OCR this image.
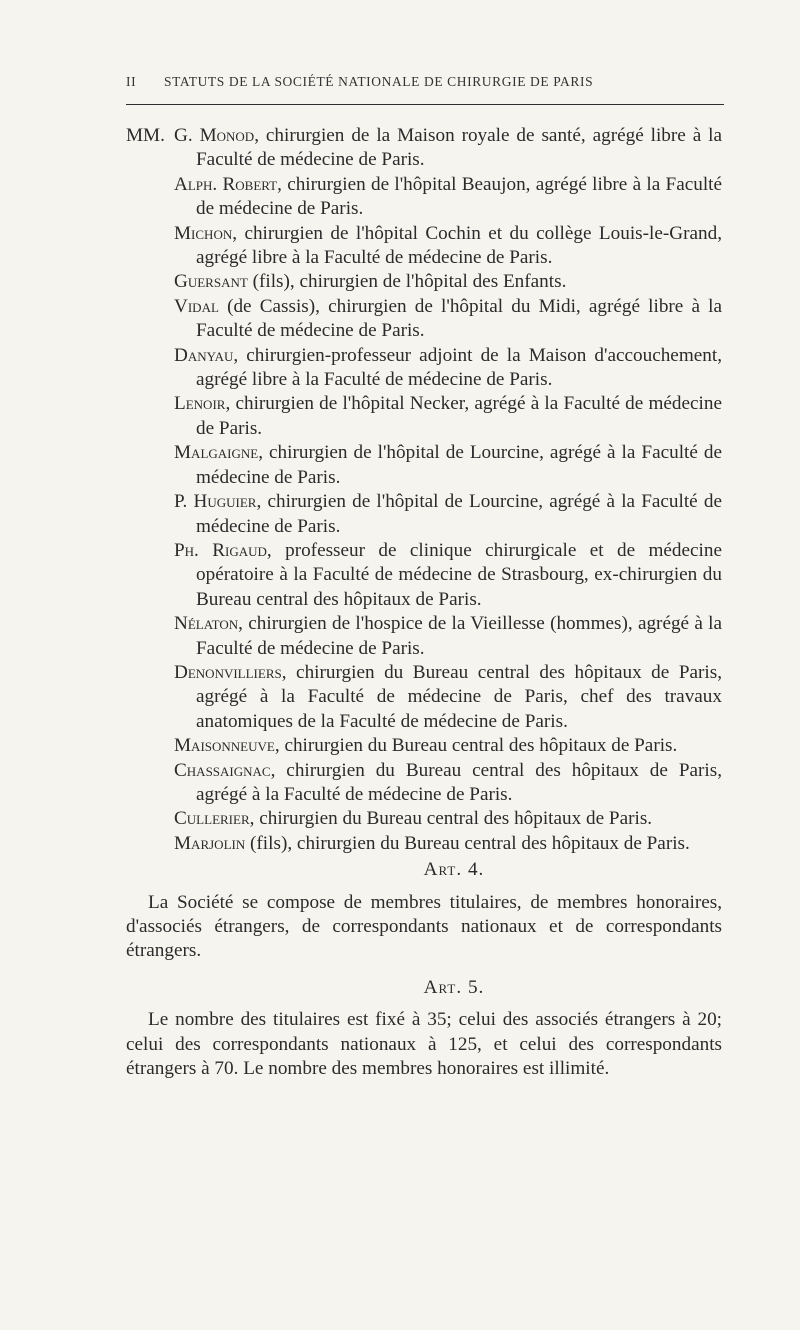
II STATUTS DE LA SOCIÉTÉ NATIONALE DE CHIRURGIE DE PARIS
MM. G. Monod, chirurgien de la Maison royale de santé, agrégé libre à la Faculté de médecine de Paris.
Alph. Robert, chirurgien de l'hôpital Beaujon, agrégé libre à la Faculté de médecine de Paris.
Michon, chirurgien de l'hôpital Cochin et du collège Louis-le-Grand, agrégé libre à la Faculté de médecine de Paris.
Guersant (fils), chirurgien de l'hôpital des Enfants.
Vidal (de Cassis), chirurgien de l'hôpital du Midi, agrégé libre à la Faculté de médecine de Paris.
Danyau, chirurgien-professeur adjoint de la Maison d'accouchement, agrégé libre à la Faculté de médecine de Paris.
Lenoir, chirurgien de l'hôpital Necker, agrégé à la Faculté de médecine de Paris.
Malgaigne, chirurgien de l'hôpital de Lourcine, agrégé à la Faculté de médecine de Paris.
P. Huguier, chirurgien de l'hôpital de Lourcine, agrégé à la Faculté de médecine de Paris.
Ph. Rigaud, professeur de clinique chirurgicale et de médecine opératoire à la Faculté de médecine de Strasbourg, ex-chirurgien du Bureau central des hôpitaux de Paris.
Nélaton, chirurgien de l'hospice de la Vieillesse (hommes), agrégé à la Faculté de médecine de Paris.
Denonvilliers, chirurgien du Bureau central des hôpitaux de Paris, agrégé à la Faculté de médecine de Paris, chef des travaux anatomiques de la Faculté de médecine de Paris.
Maisonneuve, chirurgien du Bureau central des hôpitaux de Paris.
Chassaignac, chirurgien du Bureau central des hôpitaux de Paris, agrégé à la Faculté de médecine de Paris.
Cullerier, chirurgien du Bureau central des hôpitaux de Paris.
Marjolin (fils), chirurgien du Bureau central des hôpitaux de Paris.
Art. 4.

La Société se compose de membres titulaires, de membres honoraires, d'associés étrangers, de correspondants nationaux et de correspondants étrangers.

Art. 5.

Le nombre des titulaires est fixé à 35; celui des associés étrangers à 20; celui des correspondants nationaux à 125, et celui des correspondants étrangers à 70. Le nombre des membres honoraires est illimité.
